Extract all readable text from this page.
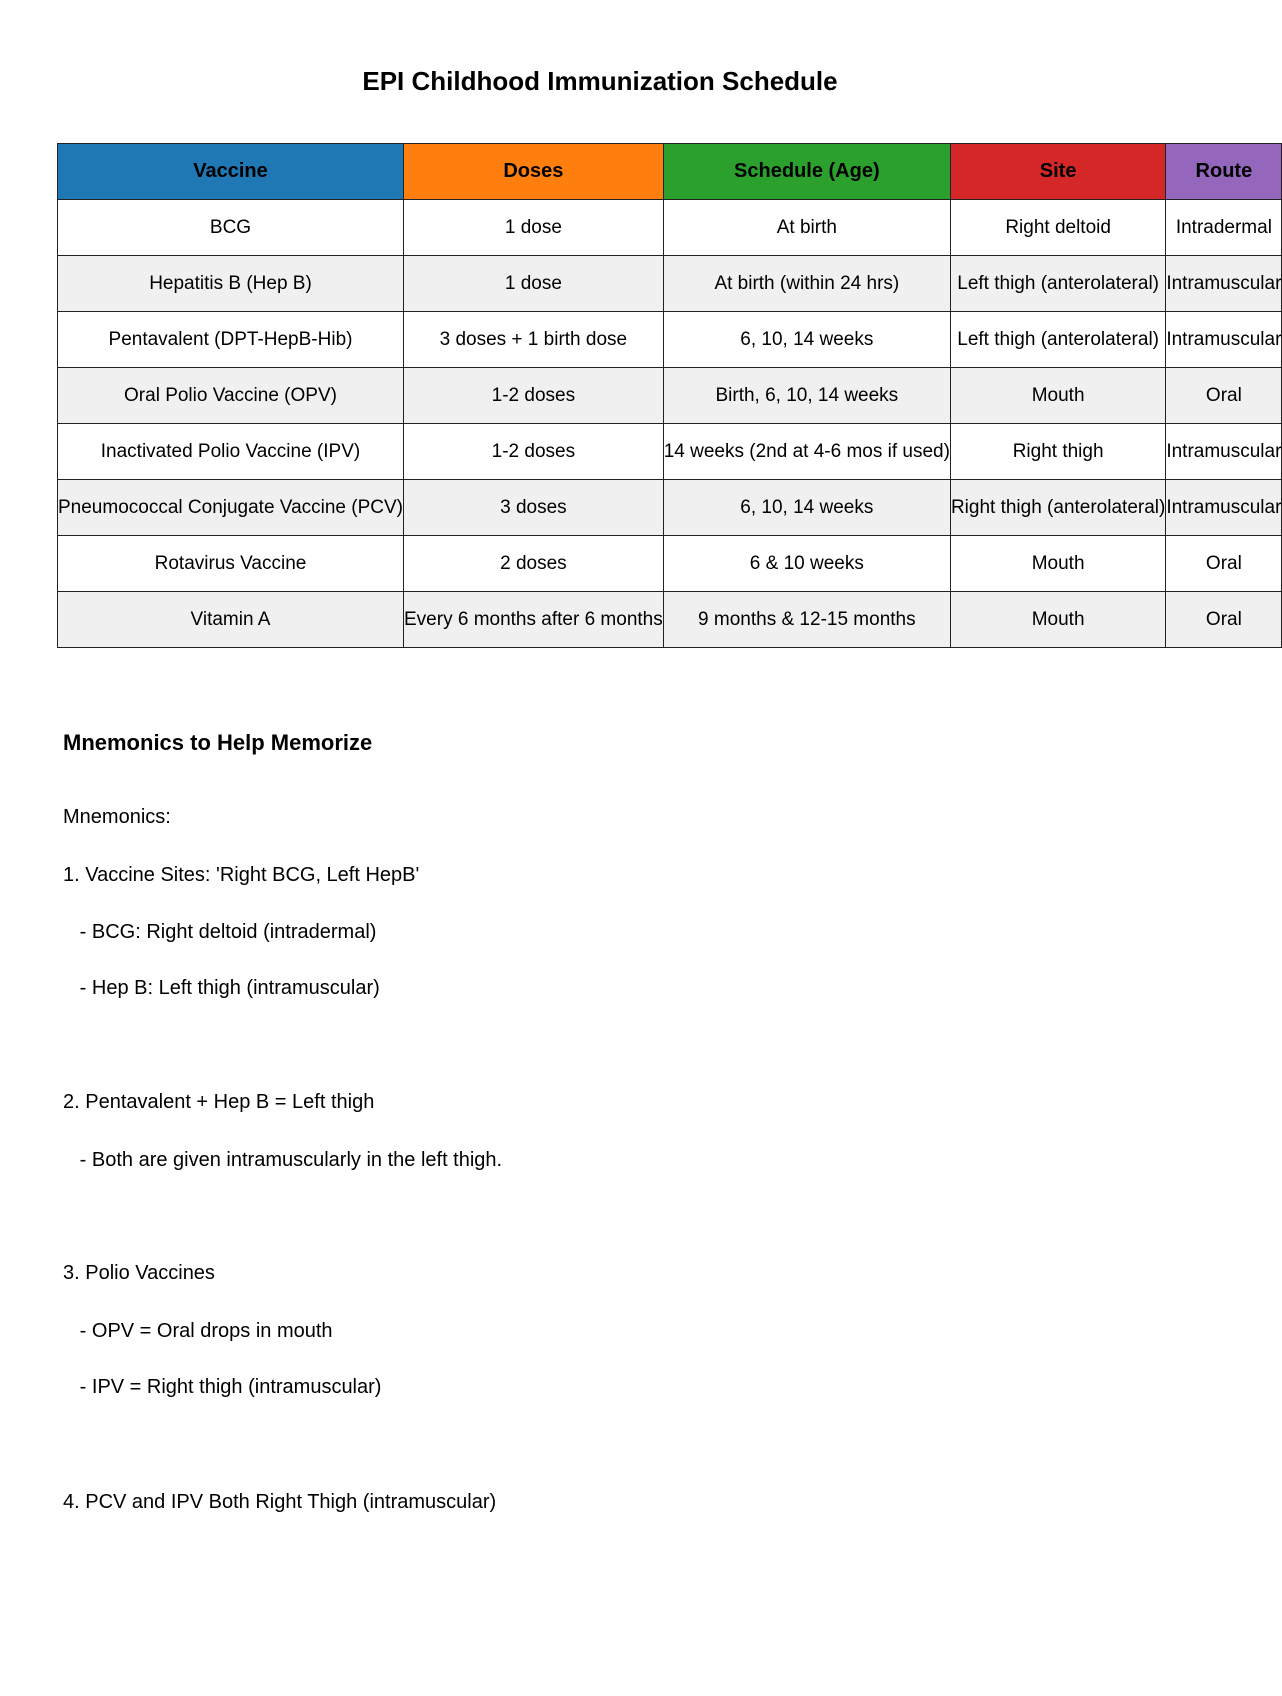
EPI Childhood Immunization Schedule
Vaccine	Doses	Schedule (Age)	Site	Route
BCG	1 dose	At birth	Right deltoid	Intradermal
Hepatitis B (Hep B)	1 dose	At birth (within 24 hrs)	Left thigh (anterolateral)	Intramuscular
Pentavalent (DPT-HepB-Hib)	3 doses + 1 birth dose	6, 10, 14 weeks	Left thigh (anterolateral)	Intramuscular
Oral Polio Vaccine (OPV)	1-2 doses	Birth, 6, 10, 14 weeks	Mouth	Oral
Inactivated Polio Vaccine (IPV)	1-2 doses	14 weeks (2nd at 4-6 mos if used)	Right thigh	Intramuscular
Pneumococcal Conjugate Vaccine (PCV)	3 doses	6, 10, 14 weeks	Right thigh (anterolateral)	Intramuscular
Rotavirus Vaccine	2 doses	6 & 10 weeks	Mouth	Oral
Vitamin A	Every 6 months after 6 months	9 months & 12-15 months	Mouth	Oral
Mnemonics to Help Memorize
Mnemonics:
1. Vaccine Sites: 'Right BCG, Left HepB'
- BCG: Right deltoid (intradermal)
- Hep B: Left thigh (intramuscular)
2. Pentavalent + Hep B = Left thigh
- Both are given intramuscularly in the left thigh.
3. Polio Vaccines
- OPV = Oral drops in mouth
- IPV = Right thigh (intramuscular)
4. PCV and IPV Both Right Thigh (intramuscular)
